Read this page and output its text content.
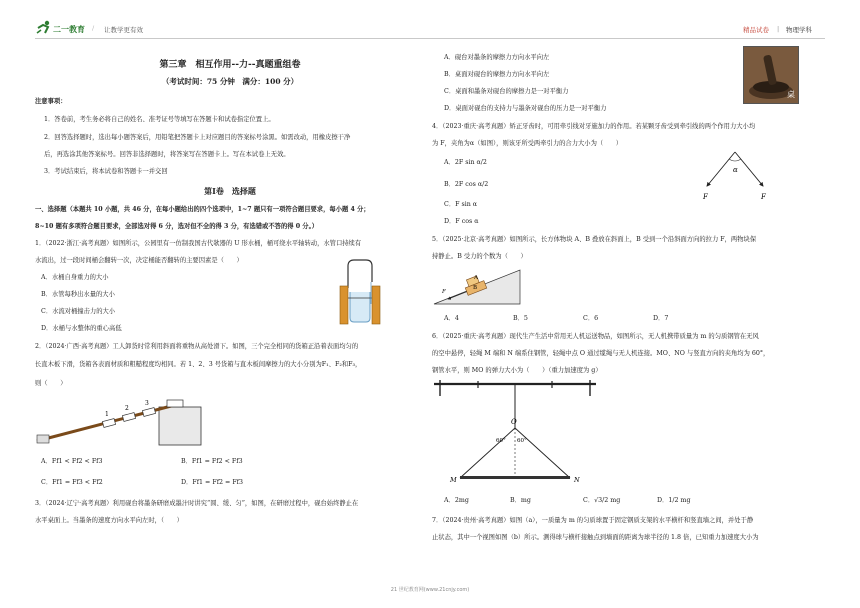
二一教育 / 让教学更有效	精品试卷 | 物理学科
第三章　相互作用--力--真题重组卷
（考试时间：75 分钟　满分：100 分）
注意事项：
1．答卷前，考生务必将自己的姓名、准考证号等填写在答题卡和试卷指定位置上。
2．回答选择题时，选出每小题答案后，用铅笔把答题卡上对应题目的答案标号涂黑。如需改动，用橡皮擦干净
后，再选涂其他答案标号。回答非选择题时，将答案写在答题卡上。写在本试卷上无效。
3．考试结束后，将本试卷和答题卡一并交回
第Ⅰ卷　选择题
一、选择题（本题共 10 小题，共 46 分，在每小题给出的四个选项中，1~7 题只有一项符合题目要求，每小题 4 分；
8~10 题有多项符合题目要求，全部选对得 6 分，选对但不全的得 3 分，有选错或不答的得 0 分。）
1．（2022·浙江·高考真题）如图所示，公园里有一仿制我国古代欹器的 U 形水桶，桶可绕水平轴转动，水管口持续有
水流出，过一段时间桶会翻转一次，决定桶能否翻转的主要因素是（　　）
A．水桶自身重力的大小
B．水管每秒出水量的大小
C．水流对桶撞击力的大小
D．水桶与水整体的重心高低
2．（2024·广西·高考真题）工人卸货时常利用斜面将重物从高处滑下。如图，三个完全相同的货箱正沿着表面均匀的
长直木板下滑，货箱各表面材质和粗糙程度均相同。若 1、2、3 号货箱与直木板间摩擦力的大小分别为F₁、F₂和F₃，
则（　　）
1
2
3
A．Ff1 < Ff2 < Ff3	B．Ff1 = Ff2 < Ff3
C．Ff1 = Ff3 < Ff2	D．Ff1 = Ff2 = Ff3
3．（2024·辽宁·高考真题）利用砚台将墨条研磨成墨汁时讲究“圆、缓、匀”，如图，在研磨过程中，砚台始终静止在
水平桌面上。当墨条的速度方向水平向左时，（　　）
A．砚台对墨条的摩擦力方向水平向左
B．桌面对砚台的摩擦力方向水平向左
C．桌面和墨条对砚台的摩擦力是一对平衡力
D．桌面对砚台的支持力与墨条对砚台的压力是一对平衡力
桌
4．（2023·重庆·高考真题）矫正牙齿时，可用牵引线对牙施加力的作用。若某颗牙齿受到牵引线的两个作用力大小均
为 F，夹角为α（如图），则该牙所受两牵引力的合力大小为（　　）
A．2F sin α/2
B．2F cos α/2
C．F sin α
D．F cos α
α
F	F
5．（2025·北京·高考真题）如图所示，长方体物块 A、B 叠放在斜面上，B 受到一个沿斜面方向的拉力 F，两物块保
持静止。B 受力的个数为（　　）
A
B
F
A．4	B．5	C．6	D．7
6．（2025·重庆·高考真题）现代生产生活中常用无人机运送物品，如图所示，无人机携带质量为 m 的匀质钢管在无风
的空中悬停，轻绳 M 端和 N 端系住钢管，轻绳中点 O 通过缆绳与无人机连接。MO、NO 与竖直方向的夹角均为 60°，
钢管水平，则 MO 的弹力大小为（　　）（重力加速度为 g）
O
60° 60°
M	N
A．2mg	B．mg	C．√3/2 mg	D．1/2 mg
7．（2024·贵州·高考真题）如图（a），一质量为 m 的匀质球置于固定钢质支架的水平横杆和竖直墙之间，并处于静
止状态，其中一个视图如图（b）所示。测得球与横杆接触点到墙面的距离为球半径的 1.8 倍，已知重力加速度大小为
21 世纪教育网(www.21cnjy.com)
